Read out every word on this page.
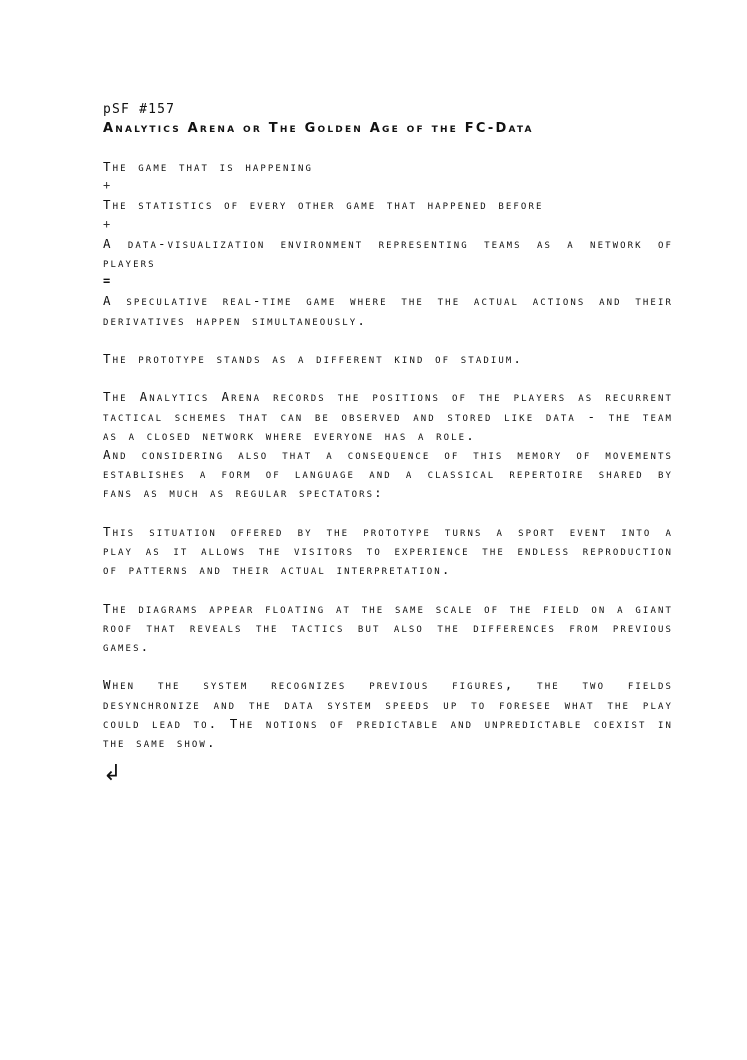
pSF #157

Analytics Arena or The Golden Age of the FC-Data

The game that is happening

+

The statistics of every other game that happened before

+

A data-visualization environment representing teams as a network of players

=

A speculative real-time game where the the actual actions and their derivatives happen simultaneously.

The prototype stands as a different kind of stadium.

The Analytics Arena records the positions of the players as recurrent tactical schemes that can be observed and stored like data - the team as a closed network where everyone has a role.

And considering also that a consequence of this memory of movements establishes a form of language and a classical repertoire shared by fans as much as regular spectators:

This situation offered by the prototype turns a sport event into a play as it allows the visitors to experience the endless reproduction of patterns and their actual interpretation.

The diagrams appear floating at the same scale of the field on a giant roof that reveals the tactics but also the differences from previous games.

When the system recognizes previous figures, the two fields desynchronize and the data system speeds up to foresee what the play could lead to. The notions of predictable and unpredictable coexist in the same show.

↲
